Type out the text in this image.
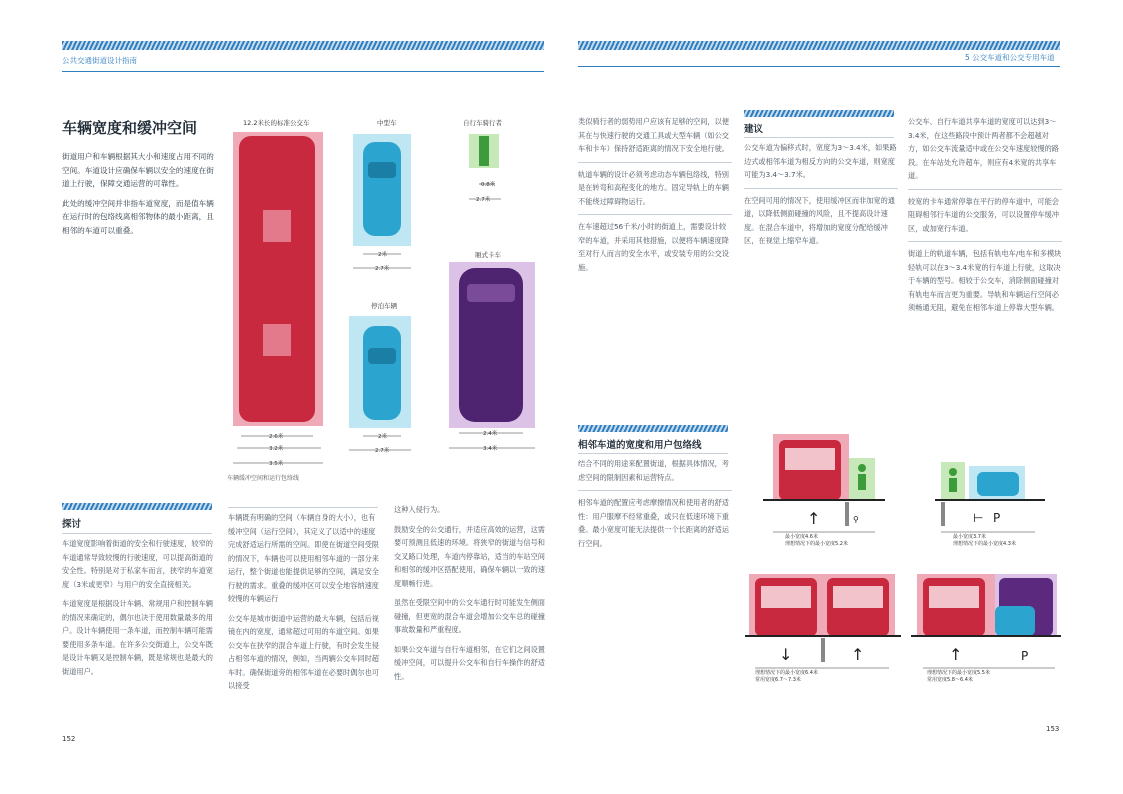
公共交通街道设计指南
车辆宽度和缓冲空间

街道用户和车辆根据其大小和速度占用不同的空间。车道设计应确保车辆以安全的速度在街道上行驶，保障交通运营的可靠性。

此处的缓冲空间并非指车道宽度，而是值车辆在运行时的包络线离相邻物体的最小距离，且相邻的车道可以重叠。

12.2米长的标准公交车	中型车	自行车骑行者
停泊车辆
厢式卡车
2.6米
3.2米
3.5米
2米
2.7米
0.8米
2.7米
2米
2.7米
2.4米
3.4米
车辆缓冲空间和运行包络线
探讨

车道宽度影响着街道的安全和行驶速度，较窄的车道通常导致较慢的行驶速度，可以提高街道的安全性。特别是对于私家车而言，狭窄的车道宽度（3米或更窄）与用户的安全直接相关。

车道宽度是根据设计车辆、常规用户和控制车辆的情况来确定的，偶尔也决于使用数量最多的用户。设计车辆使用一条车道，而控制车辆可能需要使用多条车道。在许多公交街道上，公交车既是设计车辆又是控制车辆，既是常规也是最大的街道用户。

车辆既有明确的空间（车辆自身的大小），也有缓冲空间（运行空间），其定义了以适中的速度完成舒适运行所需的空间。即使在街道空间受限的情况下，车辆也可以使用相邻车道的一部分来运行，整个街道也能提供足够的空间，满足安全行驶的需求。重叠的缓冲区可以安全地容纳速度较慢的车辆运行

公交车是城市街道中运营的最大车辆，包括后视镜在内的宽度，通常超过可用的车道空间。如果公交车在狭窄的混合车道上行驶，有时会发生侵占相邻车道的情况，例如，当两辆公交车同时超车时。确保街道旁的相邻车道在必要时偶尔也可以接受

这种入侵行为。

鼓励安全的公交通行，并适应高效的运营，这需要可预测且低速的环境。将狭窄的街道与信号和交叉路口处理，车道内停靠站，适当的车站空间和相邻的缓冲区搭配使用，确保车辆以一致的速度顺畅行进。

虽然在受限空间中的公交车通行时可能发生侧面碰撞，但更宽的混合车道会增加公交车总的碰撞事故数量和严重程度。

如果公交车道与自行车道相邻，在它们之间设置缓冲空间，可以提升公交车和自行车操作的舒适性。

152
5 公交车道和公交专用车道

类似骑行者的弱势用户应该有足够的空间，以便其在与快速行驶的交通工具或大型车辆（如公交车和卡车）保持舒适距离的情况下安全地行驶。

轨道车辆的设计必须考虑动态车辆包络线，特别是在转弯和高程变化的地方。固定导轨上的车辆不能绕过障碍物运行。

在车速超过56千米/小时的街道上，需要设计较窄的车道，并采用其他措施，以便将车辆速度降至对行人而言的安全水平，或安装专用的公交设施。

建议

公交车道为偏移式时，宽度为3～3.4米，如果路边式或相邻车道为相反方向的公交车道，则宽度可能为3.4～3.7米。

在空间可用的情况下，使用缓冲区而非加宽的通道，以降低侧面碰撞的风险，且不提高设计速度。在混合车道中，将增加的宽度分配给缓冲区，在视觉上缩窄车道。

公交车、自行车道共享车道的宽度可以达到3～3.4米，在这些路段中预计两者都不会超越对方，如公交车流量适中或在公交车速度较慢的路段。在车站处允许超车，则应有4米宽的共享车道。

较宽的卡车通常停靠在平行的停车道中，可能会阻碍相邻行车道的公交服务，可以设置停车缓冲区，或加宽行车道。

街道上的轨道车辆，包括有轨电车/电车和多模块轻轨可以在3～3.4米宽的行车道上行驶，这取决于车辆的型号。相较于公交车，消除侧面碰撞对有轨电车而言更为重要。导轨和车辆运行空间必须畅通无阻，避免在相邻车道上停靠大型车辆。

相邻车道的宽度和用户包络线

结合不同的用途来配置街道，根据具体情况，考虑空间的限制因素和运营特点。

相邻车道的配置应考虑摩擦情况和使用者的舒适性：用户服摩不经常重叠，或只在低速环境下重叠。最小宽度可能无法提供一个长距离的舒适运行空间。

↑	⚲
最小宽度4.6米
理想情况下的最小宽度5.2米
⊢ P
最小宽度3.7米
理想情况下的最小宽度4.3米
↓	↑
理想情况下的最小宽度6.4米
常用宽度6.7～7.3米
↑	P
理想情况下的最小宽度5.5米
常用宽度5.8～6.4米
153
